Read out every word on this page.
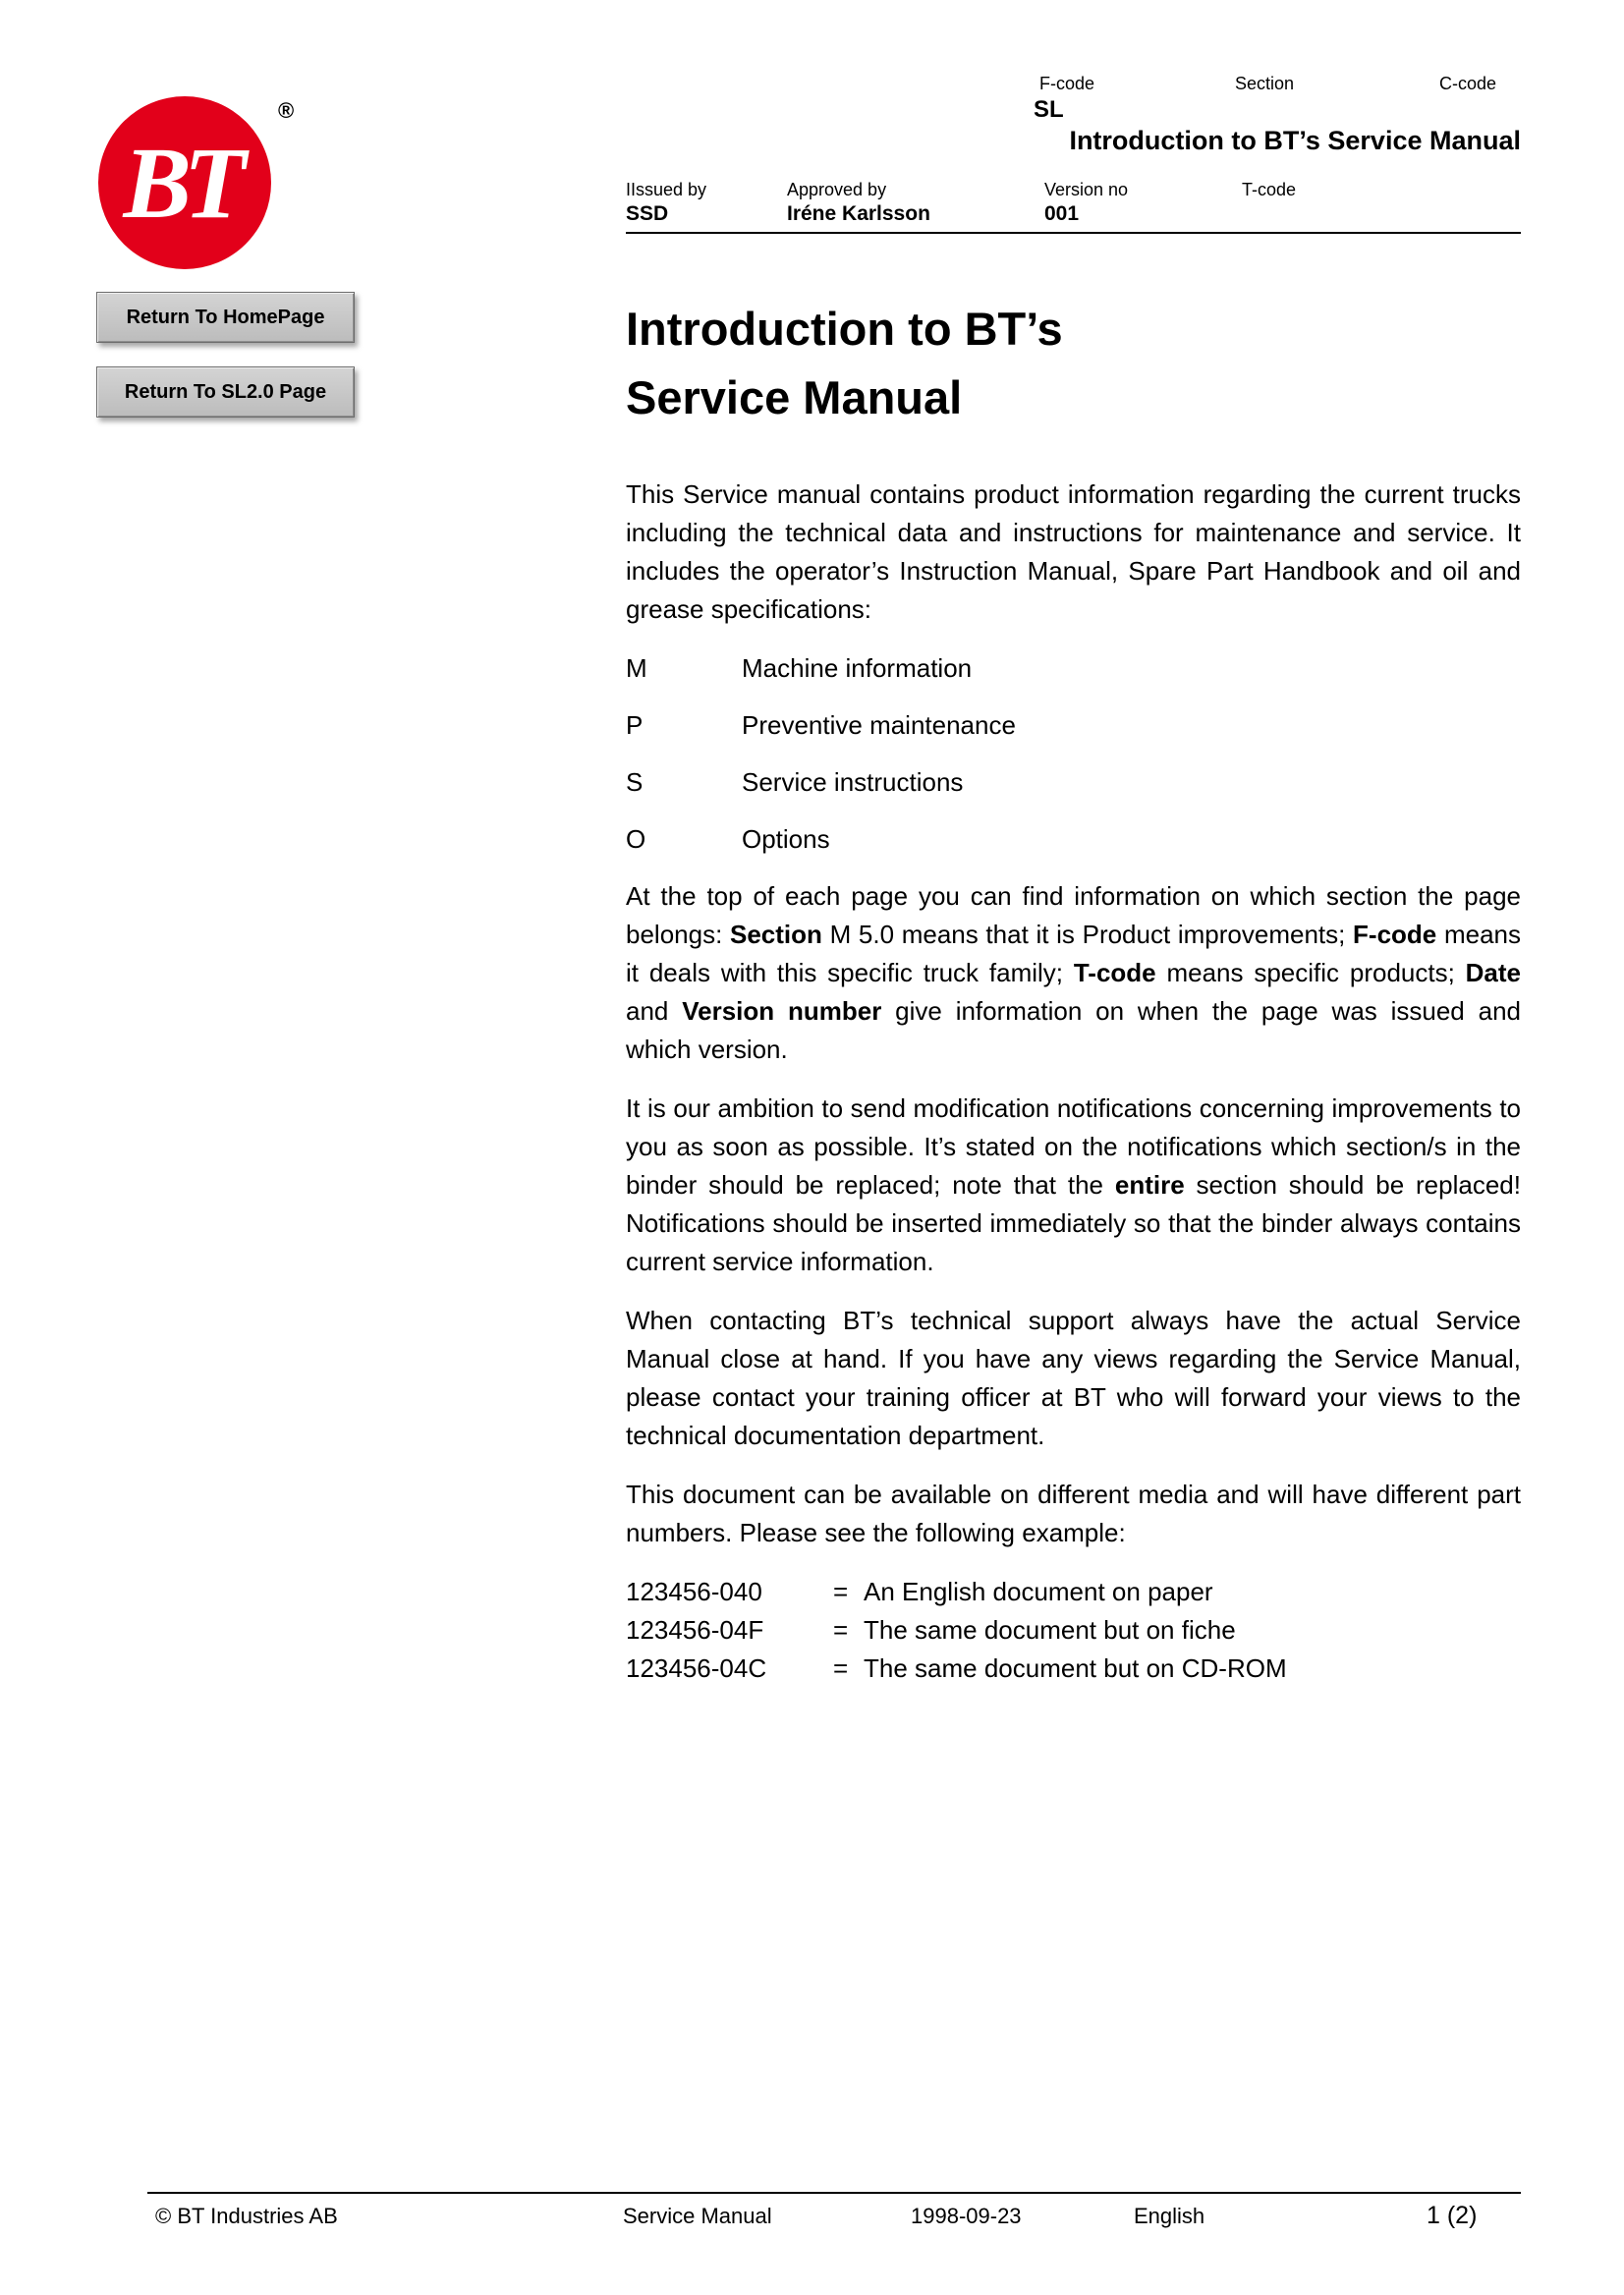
BT
®
Return To HomePage
Return To SL2.0 Page
F-code	Section	C-code
SL
Introduction to BT’s Service Manual
IIssued by	Approved by	Version no	T-code
SSD	Iréne Karlsson	001
Introduction to BT’s
Service Manual

This Service manual contains product information regarding the current trucks including the technical data and instructions for maintenance and service. It includes the operator’s Instruction Manual, Spare Part Handbook and oil and grease specifications:

M	Machine information
P	Preventive maintenance
S	Service instructions
O	Options

At the top of each page you can find information on which section the page belongs: Section M 5.0 means that it is Product improvements; F-code means it deals with this specific truck family; T-code means specific products; Date and Version number give information on when the page was issued and which version.

It is our ambition to send modification notifications concerning improvements to you as soon as possible. It’s stated on the notifications which section/s in the binder should be replaced; note that the entire section should be replaced! Notifications should be inserted immediately so that the binder always contains current service information.

When contacting BT’s technical support always have the actual Service Manual close at hand. If you have any views regarding the Service Manual, please contact your training officer at BT who will forward your views to the technical documentation department.

This document can be available on different media and will have different part numbers. Please see the following example:

123456-040	= An English document on paper
123456-04F	= The same document but on fiche
123456-04C	= The same document but on CD-ROM
© BT Industries AB	Service Manual	1998-09-23	English	1 (2)
